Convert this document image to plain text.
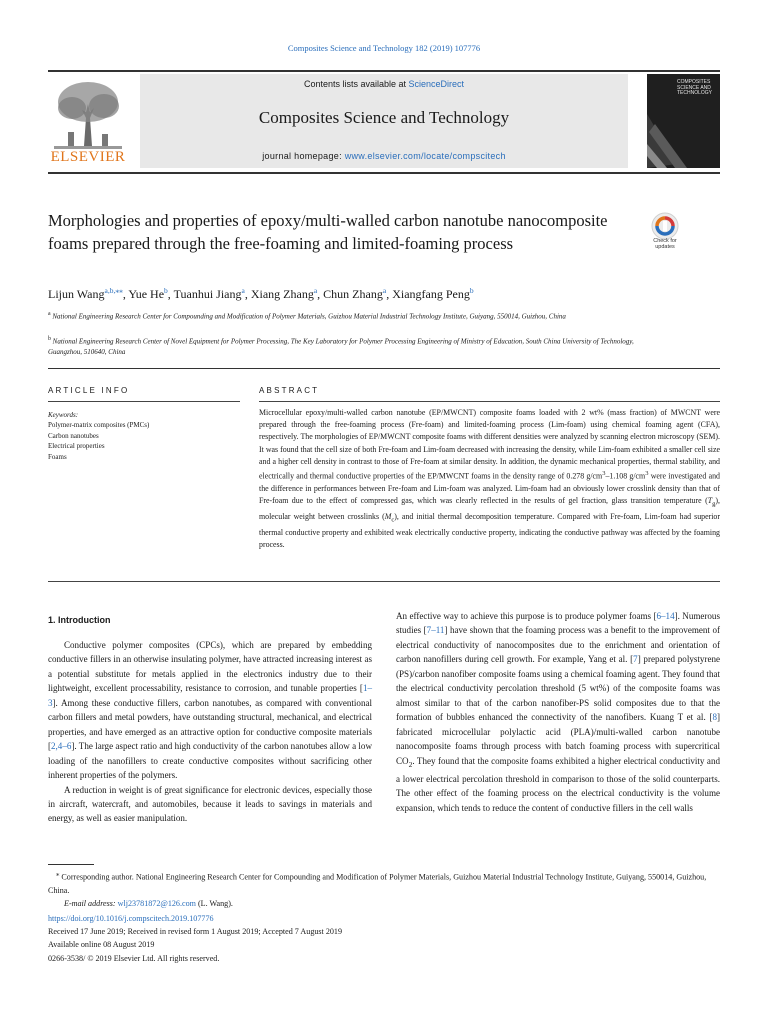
Composites Science and Technology 182 (2019) 107776
ELSEVIER
Contents lists available at ScienceDirect
Composites Science and Technology
journal homepage: www.elsevier.com/locate/compscitech
COMPOSITES SCIENCE AND TECHNOLOGY
Morphologies and properties of epoxy/multi-walled carbon nanotube nanocomposite foams prepared through the free-foaming and limited-foaming process	Check for updates
Lijun Wang$^{a,b,⁎⁎}$, Yue He$^b$, Tuanhui Jiang$^a$, Xiang Zhang$^a$, Chun Zhang$^a$, Xiangfang Peng$^b$
$^a$ National Engineering Research Center for Compounding and Modification of Polymer Materials, Guizhou Material Industrial Technology Institute, Guiyang, 550014, Guizhou, China
$^b$ National Engineering Research Center of Novel Equipment for Polymer Processing, The Key Laboratory for Polymer Processing Engineering of Ministry of Education, South China University of Technology, Guangzhou, 510640, China
ARTICLE INFO	ABSTRACT
Keywords:
Polymer-matrix composites (PMCs)
Carbon nanotubes
Electrical properties
Foams
Microcellular epoxy/multi-walled carbon nanotube (EP/MWCNT) composite foams loaded with 2 wt% (mass fraction) of MWCNT were prepared through the free-foaming process (Fre-foam) and limited-foaming process (Lim-foam) using chemical foaming agent (CFA), respectively. The morphologies of EP/MWCNT composite foams with different densities were analyzed by scanning electron microscopy (SEM). It was found that the cell size of both Fre-foam and Lim-foam decreased with increasing the density, while Lim-foam exhibited a smaller cell size and a higher cell density in contrast to those of Fre-foam at similar density. In addition, the dynamic mechanical properties, thermal stability, and electrically and thermal conductive properties of the EP/MWCNT foams in the density range of 0.278 $g/cm^3-1.108$ $g/cm^3$ were investigated and the difference in performances between Fre-foam and Lim-foam was analyzed. Lim-foam had an obviously lower crosslink density than that of Fre-foam due to the effect of compressed gas, which was clearly reflected in the results of gel fraction, glass transition temperature $(T_g)$, molecular weight between crosslinks $(M_c)$, and initial thermal decomposition temperature. Compared with Fre-foam, Lim-foam had superior thermal conductive property and exhibited weak electrically conductive property, indicating the conductive pathway was affected by the foaming process.
1. Introduction

Conductive polymer composites (CPCs), which are prepared by embedding conductive fillers in an otherwise insulating polymer, have attracted increasing interest as a potential substitute for metals applied in the electronics industry due to their lightweight, excellent processability, resistance to corrosion, and tunable properties [1–3]. Among these conductive fillers, carbon nanotubes, as compared with conventional carbon fillers and metal powders, have outstanding structural, mechanical, and electrical properties, and have emerged as an attractive option for conductive composite materials [2,4–6]. The large aspect ratio and high conductivity of the carbon nanotubes allow a low loading of the nanofillers to create conductive composites without sacrificing other inherent properties of the polymers.

A reduction in weight is of great significance for electronic devices, especially those in aircraft, watercraft, and automobiles, because it leads to savings in materials and energy, as well as easier manipulation.

An effective way to achieve this purpose is to produce polymer foams [6–14]. Numerous studies [7–11] have shown that the foaming process was a benefit to the improvement of electrical conductivity of nanocomposites due to the enrichment and orientation of carbon nanofillers during cell growth. For example, Yang et al. [7] prepared polystyrene (PS)/carbon nanofiber composite foams using a chemical foaming agent. They found that the electrical conductivity percolation threshold (5 wt%) of the composite foams was almost similar to that of the carbon nanofiber-PS solid composites due to that the formation of bubbles enhanced the connectivity of the nanofibers. Kuang T et al. [8] fabricated microcellular polylactic acid (PLA)/multi-walled carbon nanotube nanocomposite foams through process with batch foaming process with supercritical $CO_2$. They found that the composite foams exhibited a higher electrical conductivity and a lower electrical percolation threshold in comparison to those of the solid counterparts. The other effect of the foaming process on the electrical conductivity is the volume expansion, which tends to reduce the content of conductive fillers in the cell walls

⁎ Corresponding author. National Engineering Research Center for Compounding and Modification of Polymer Materials, Guizhou Material Industrial Technology Institute, Guiyang, 550014, Guizhou, China.

E-mail address: wlj23781872@126.com (L. Wang).

https://doi.org/10.1016/j.compscitech.2019.107776

Received 17 June 2019; Received in revised form 1 August 2019; Accepted 7 August 2019

Available online 08 August 2019

0266-3538/ © 2019 Elsevier Ltd. All rights reserved.
